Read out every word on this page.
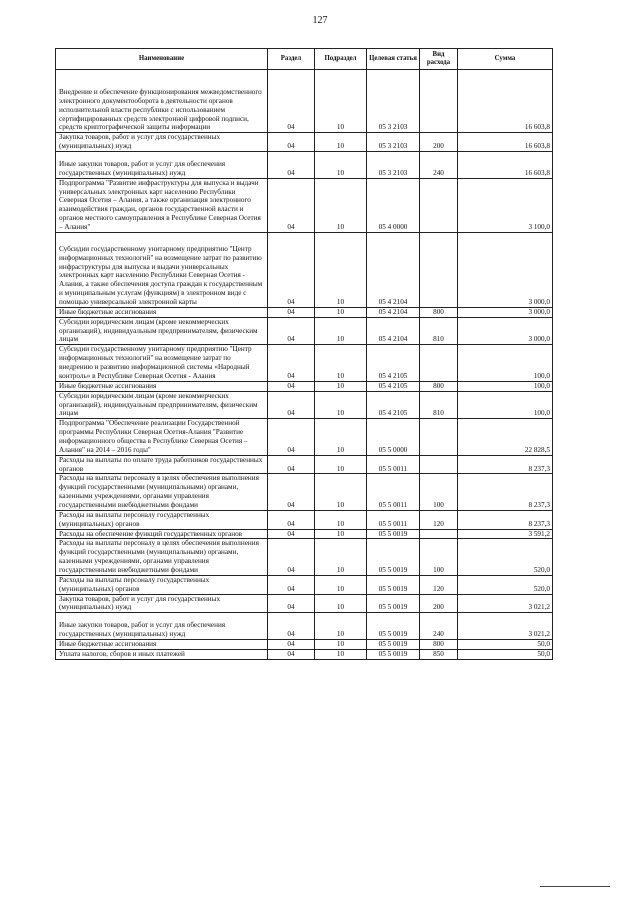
127
Наименование	Раздел	Подраздел	Целевая статья	Вид расхода	Сумма
Внедрение и обеспечение функционирования межведомственного электронного документооборота в деятельности органов исполнительной власти республики с использованием сертифицированных средств электронной цифровой подписи, средств криптографической защиты информации	04	10	05 3 2103		16 603,8
Закупка товаров, работ и услуг для государственных (муниципальных) нужд	04	10	05 3 2103	200	16 603,8
Иные закупки товаров, работ и услуг для обеспечения государственных (муниципальных) нужд	04	10	05 3 2103	240	16 603,8
Подпрограмма "Развитие инфраструктуры для выпуска и выдачи универсальных электронных карт населению Республики Северная Осетия – Алания, а также организация электронного взаимодействия граждан, органов государственной власти и органов местного самоуправления в Республике Северная Осетия – Алания"	04	10	05 4 0000		3 100,0
Субсидии государственному унитарному предприятию "Центр информационных технологий" на возмещение затрат по развитию инфраструктуры для выпуска и выдачи универсальных электронных карт населению Республики Северная Осетия - Алания, а также обеспечения доступа граждан к государственным и муниципальным услугам (функциям) в электронном виде с помощью универсальной электронной карты	04	10	05 4 2104		3 000,0
Иные бюджетные ассигнования	04	10	05 4 2104	800	3 000,0
Субсидии юридическим лицам (кроме некоммерческих организаций), индивидуальным предпринимателям, физическим лицам	04	10	05 4 2104	810	3 000,0
Субсидии государственному унитарному предприятию "Центр информационных технологий" на возмещение затрат по внедрению и развитию информационной системы «Народный контроль» в Республике Северная Осетия - Алания	04	10	05 4 2105		100,0
Иные бюджетные ассигнования	04	10	05 4 2105	800	100,0
Субсидии юридическим лицам (кроме некоммерческих организаций), индивидуальным предпринимателям, физическим лицам	04	10	05 4 2105	810	100,0
Подпрограмма "Обеспечение реализации Государственной программы Республики Северная Осетия-Алания "Развитие информационного общества в Республике Северная Осетия – Алания" на 2014 – 2016 годы"	04	10	05 5 0000		22 828,5
Расходы на выплаты по оплате труда работников государственных органов	04	10	05 5 0011		8 237,3
Расходы на выплаты персоналу в целях обеспечения выполнения функций государственными (муниципальными) органами, казенными учреждениями, органами управления государственными внебюджетными фондами	04	10	05 5 0011	100	8 237,3
Расходы на выплаты персоналу государственных (муниципальных) органов	04	10	05 5 0011	120	8 237,3
Расходы на обеспечение функций государственных органов	04	10	05 5 0019		3 591,2
Расходы на выплаты персоналу в целях обеспечения выполнения функций государственными (муниципальными) органами, казенными учреждениями, органами управления государственными внебюджетными фондами	04	10	05 5 0019	100	520,0
Расходы на выплаты персоналу государственных (муниципальных) органов	04	10	05 5 0019	120	520,0
Закупка товаров, работ и услуг для государственных (муниципальных) нужд	04	10	05 5 0019	200	3 021,2
Иные закупки товаров, работ и услуг для обеспечения государственных (муниципальных) нужд	04	10	05 5 0019	240	3 021,2
Иные бюджетные ассигнования	04	10	05 5 0019	800	50,0
Уплата налогов, сборов и иных платежей	04	10	05 5 0019	850	50,0
